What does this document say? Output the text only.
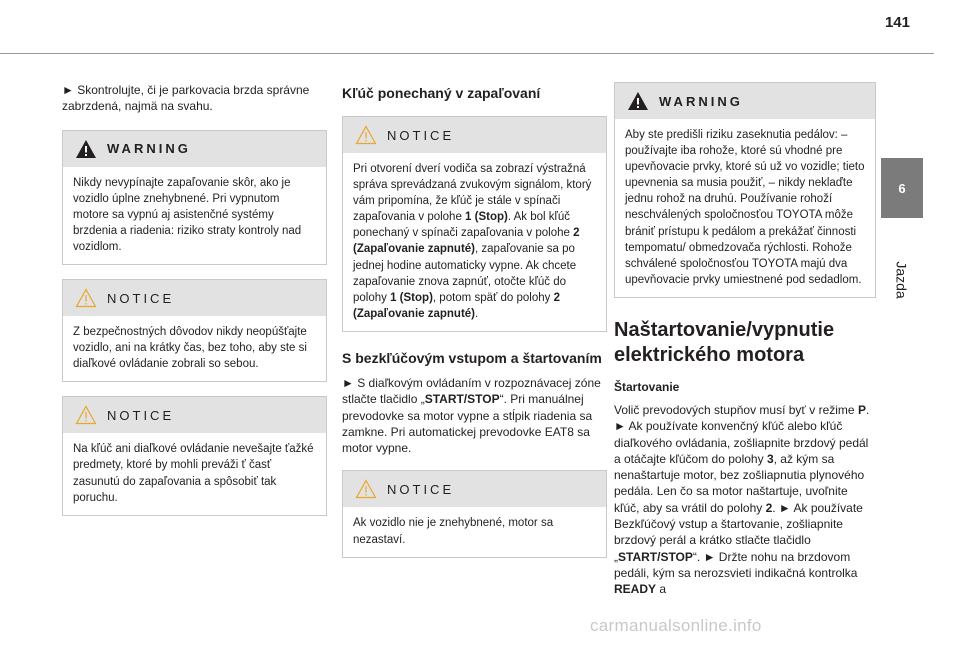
141
6
Jazda

► Skontrolujte, či je parkovacia brzda správne zabrzdená, najmä na svahu.

WARNING

Nikdy nevypínajte zapaľovanie skôr, ako je vozidlo úplne znehybnené. Pri vypnutom motore sa vypnú aj asistenčné systémy brzdenia a riadenia: riziko straty kontroly nad vozidlom.

NOTICE

Z bezpečnostných dôvodov nikdy neopúšťajte vozidlo, ani na krátky čas, bez toho, aby ste si diaľkové ovládanie zobrali so sebou.

NOTICE

Na kľúč ani diaľkové ovládanie nevešajte ťažké predmety, ktoré by mohli preváži ť časť zasunutú do zapaľovania a spôsobiť tak poruchu.

Kľúč ponechaný v zapaľovaní
NOTICE

Pri otvorení dverí vodiča sa zobrazí výstražná správa sprevádzaná zvukovým signálom, ktorý vám pripomína, že kľúč je stále v spínači zapaľovania v polohe 1 (Stop). Ak bol kľúč ponechaný v spínači zapaľovania v polohe 2 (Zapaľovanie zapnuté), zapaľovanie sa po jednej hodine automaticky vypne. Ak chcete zapaľovanie znova zapnúť, otočte kľúč do polohy 1 (Stop), potom späť do polohy 2 (Zapaľovanie zapnuté).

S bezkľúčovým vstupom a štartovaním

► S diaľkovým ovládaním v rozpoznávacej zóne stlačte tlačidlo „START/STOP“. Pri manuálnej prevodovke sa motor vypne a stĺpik riadenia sa zamkne. Pri automatickej prevodovke EAT8 sa motor vypne.

NOTICE

Ak vozidlo nie je znehybnené, motor sa nezastaví.

WARNING

Aby ste predišli riziku zaseknutia pedálov: – používajte iba rohože, ktoré sú vhodné pre upevňovacie prvky, ktoré sú už vo vozidle; tieto upevnenia sa musia použiť, – nikdy neklaďte jednu rohož na druhú. Používanie rohoží neschválených spoločnosťou TOYOTA môže brániť prístupu k pedálom a prekážať činnosti tempomatu/ obmedzovača rýchlosti. Rohože schválené spoločnosťou TOYOTA majú dva upevňovacie prvky umiestnené pod sedadlom.

Naštartovanie/vypnutie elektrického motora
Štartovanie

Volič prevodových stupňov musí byť v režime P. ► Ak používate konvenčný kľúč alebo kľúč diaľkového ovládania, zošliapnite brzdový pedál a otáčajte kľúčom do polohy 3, až kým sa nenaštartuje motor, bez zošliapnutia plynového pedála. Len čo sa motor naštartuje, uvoľnite kľúč, aby sa vrátil do polohy 2. ► Ak používate Bezkľúčový vstup a štartovanie, zošliapnite brzdový perál a krátko stlačte tlačidlo „START/STOP“. ► Držte nohu na brzdovom pedáli, kým sa nerozsvieti indikačná kontrolka READY a

carmanualsonline.info
